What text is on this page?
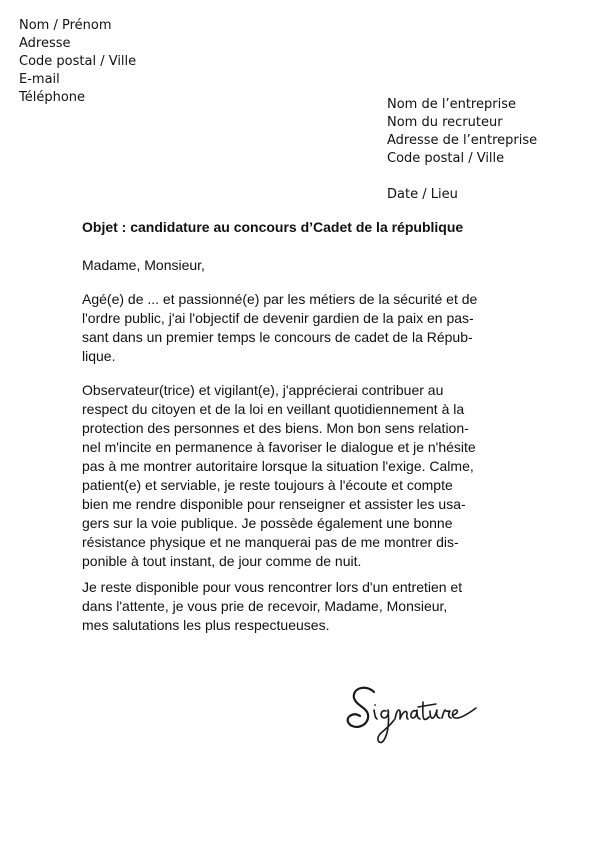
Nom / Prénom
Adresse
Code postal / Ville
E-mail
Téléphone	Nom de l’entreprise
Nom du recruteur
Adresse de l’entreprise
Code postal / Ville
Date / Lieu
Objet : candidature au concours d’Cadet de la république
Madame, Monsieur,
Agé(e) de ... et passionné(e) par les métiers de la sécurité et de
l'ordre public, j'ai l'objectif de devenir gardien de la paix en pas-
sant dans un premier temps le concours de cadet de la Répub-
lique.
Observateur(trice) et vigilant(e), j'apprécierai contribuer au
respect du citoyen et de la loi en veillant quotidiennement à la
protection des personnes et des biens. Mon bon sens relation-
nel m'incite en permanence à favoriser le dialogue et je n'hésite
pas à me montrer autoritaire lorsque la situation l'exige. Calme,
patient(e) et serviable, je reste toujours à l'écoute et compte
bien me rendre disponible pour renseigner et assister les usa-
gers sur la voie publique. Je possède également une bonne
résistance physique et ne manquerai pas de me montrer dis-
ponible à tout instant, de jour comme de nuit.
Je reste disponible pour vous rencontrer lors d'un entretien et
dans l'attente, je vous prie de recevoir, Madame, Monsieur,
mes salutations les plus respectueuses.
